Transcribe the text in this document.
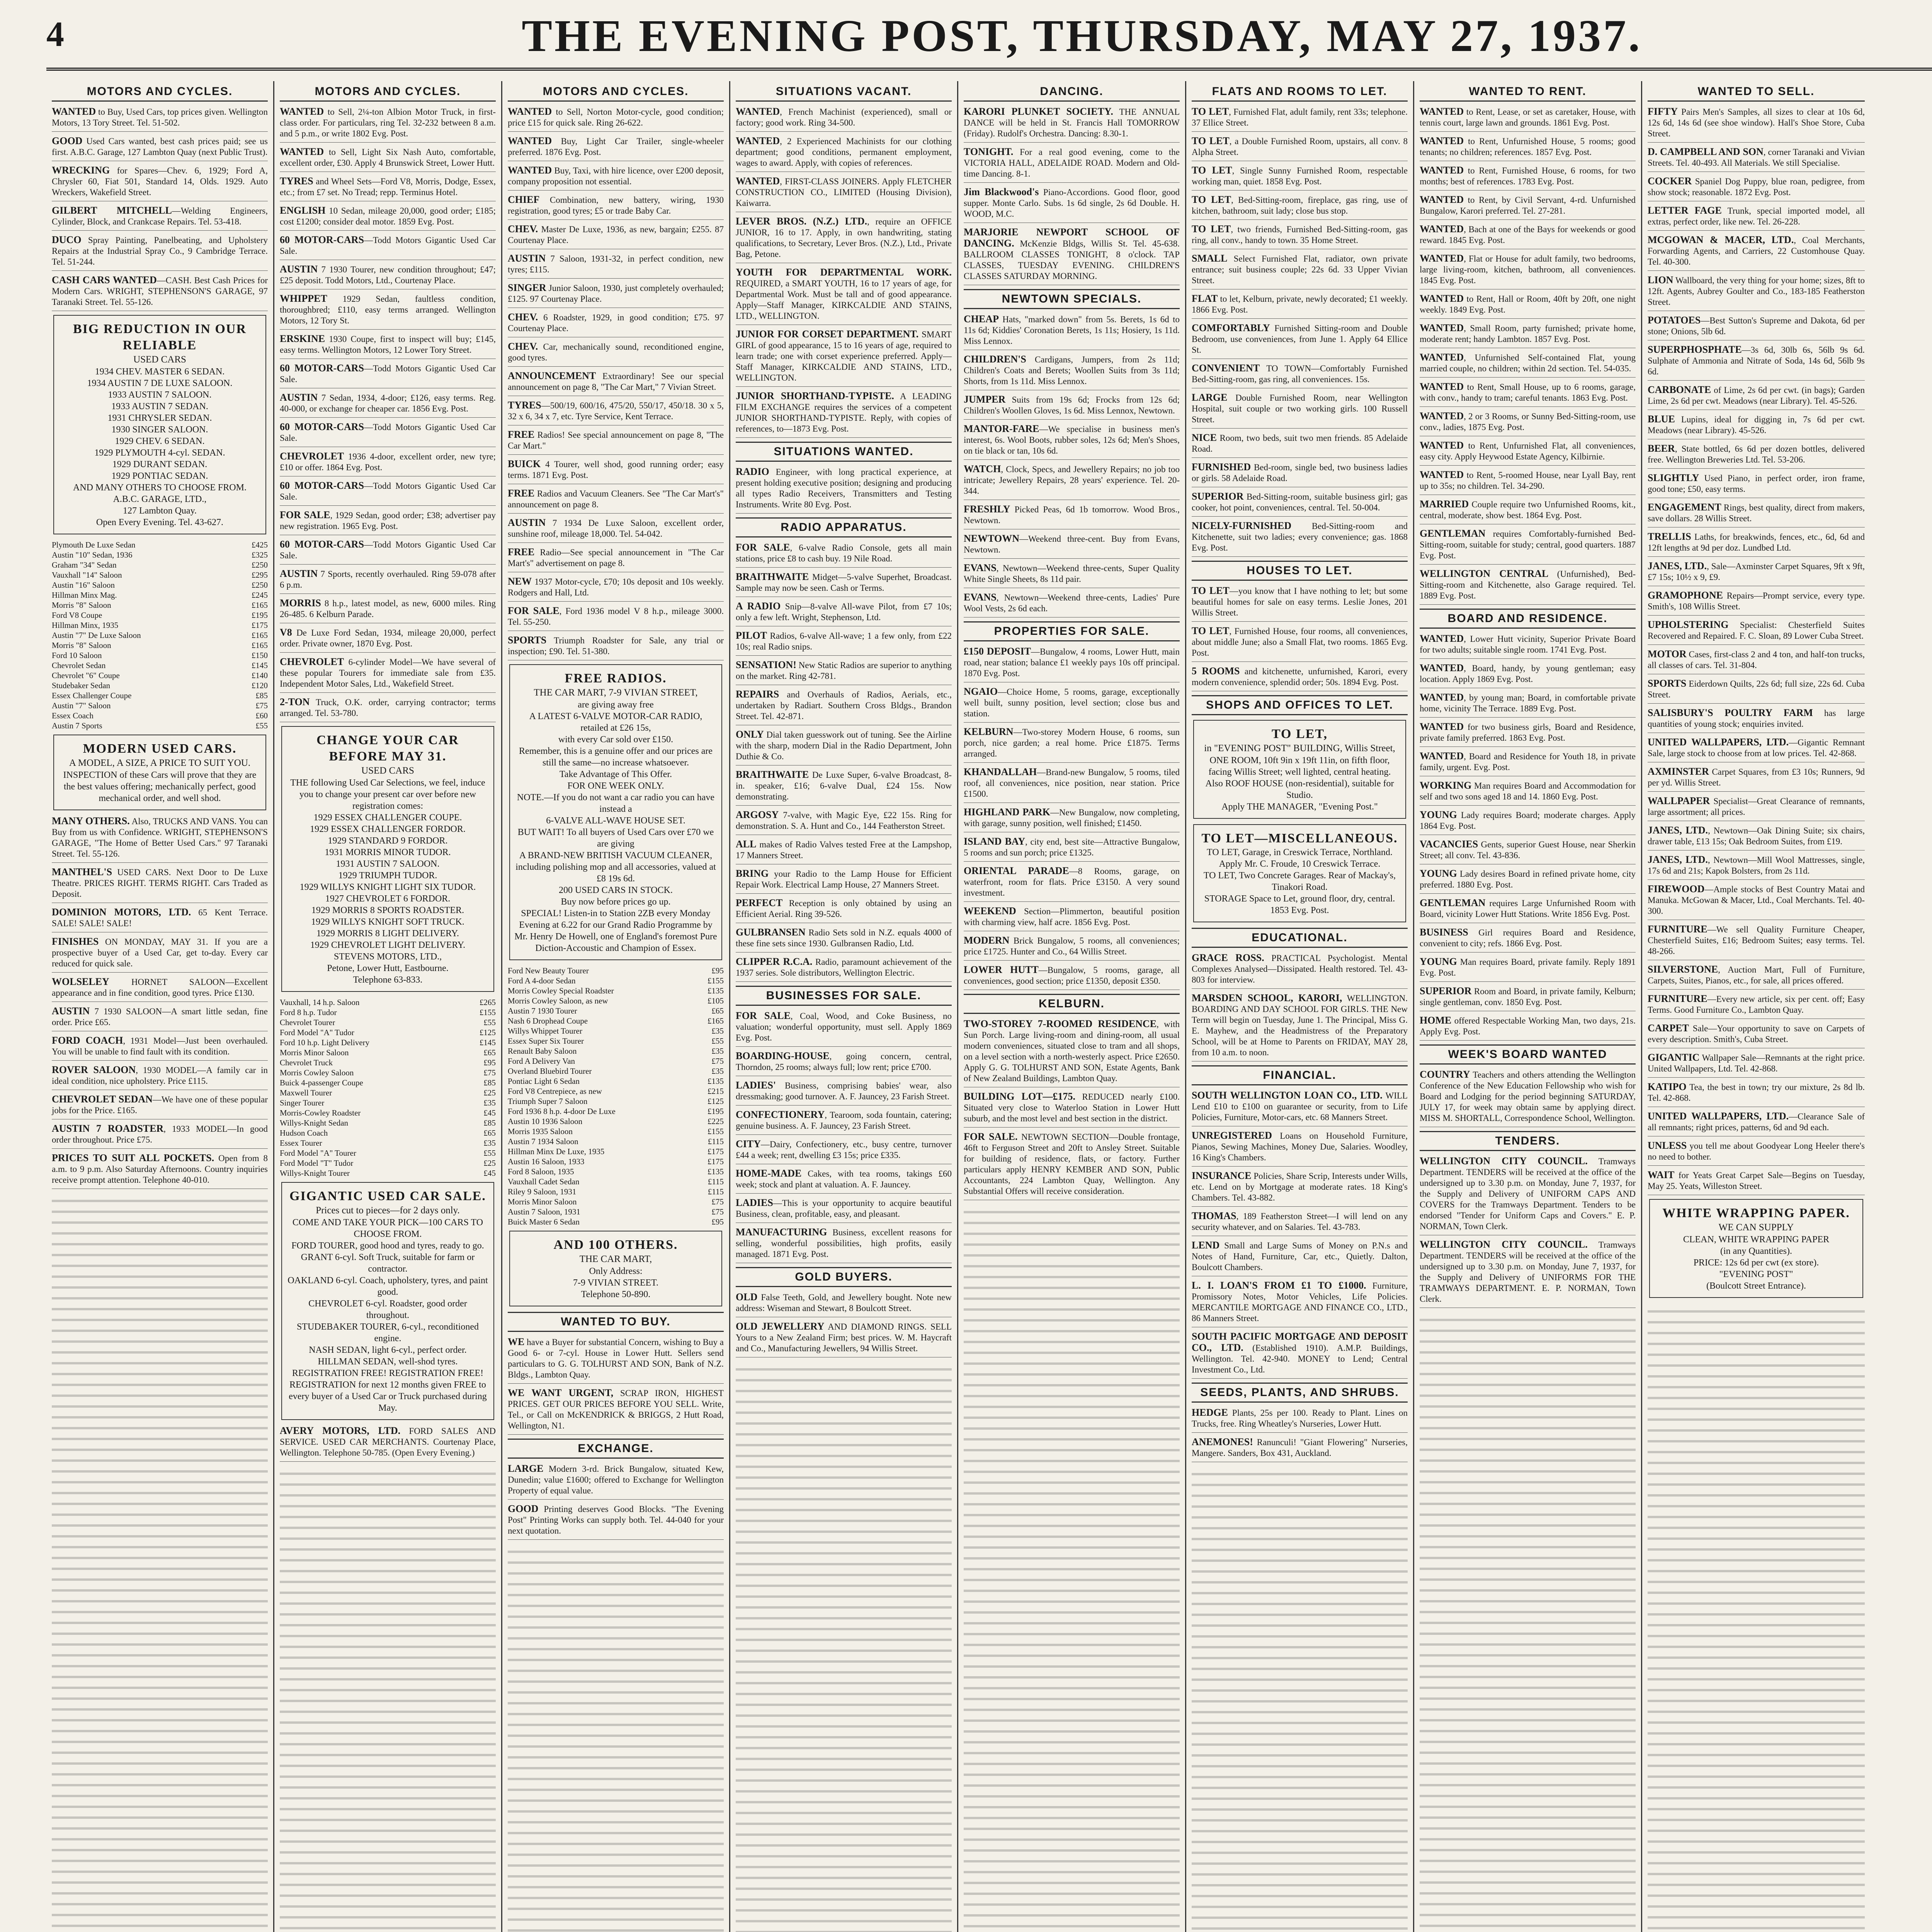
4	THE EVENING POST, THURSDAY, MAY 27, 1937.
MOTORS AND CYCLES.
WANTED to Buy, Used Cars, top prices given. Wellington Motors, 13 Tory Street. Tel. 51-502.
GOOD Used Cars wanted, best cash prices paid; see us first. A.B.C. Garage, 127 Lambton Quay (next Public Trust).
WRECKING for Spares—Chev. 6, 1929; Ford A, Chrysler 60, Fiat 501, Standard 14, Olds. 1929. Auto Wreckers, Wakefield Street.
GILBERT MITCHELL—Welding Engineers, Cylinder, Block, and Crankcase Repairs. Tel. 53-418.
DUCO Spray Painting, Panelbeating, and Upholstery Repairs at the Industrial Spray Co., 9 Cambridge Terrace. Tel. 51-244.
CASH CARS WANTED—CASH. Best Cash Prices for Modern Cars. WRIGHT, STEPHENSON'S GARAGE, 97 Taranaki Street. Tel. 55-126.
BIG REDUCTION IN OUR RELIABLE
USED CARS
1934 CHEV. MASTER 6 SEDAN.
1934 AUSTIN 7 DE LUXE SALOON.
1933 AUSTIN 7 SALOON.
1933 AUSTIN 7 SEDAN.
1931 CHRYSLER SEDAN.
1930 SINGER SALOON.
1929 CHEV. 6 SEDAN.
1929 PLYMOUTH 4-cyl. SEDAN.
1929 DURANT SEDAN.
1929 PONTIAC SEDAN.
AND MANY OTHERS TO CHOOSE FROM.
A.B.C. GARAGE, LTD.,
127 Lambton Quay.
Open Every Evening. Tel. 43-627.
Plymouth De Luxe Sedan	£425
Austin "10" Sedan, 1936	£325
Graham "34" Sedan	£250
Vauxhall "14" Saloon	£295
Austin "16" Saloon	£250
Hillman Minx Mag.	£245
Morris "8" Saloon	£165
Ford V8 Coupe	£195
Hillman Minx, 1935	£175
Austin "7" De Luxe Saloon	£165
Morris "8" Saloon	£165
Ford 10 Saloon	£150
Chevrolet Sedan	£145
Chevrolet "6" Coupe	£140
Studebaker Sedan	£120
Essex Challenger Coupe	£85
Austin "7" Saloon	£75
Essex Coach	£60
Austin 7 Sports	£55
MODERN USED CARS.
A MODEL, A SIZE, A PRICE TO SUIT YOU.
INSPECTION of these Cars will prove that they are the best values offering; mechanically perfect, good mechanical order, and well shod.
MANY OTHERS. Also, TRUCKS AND VANS. You can Buy from us with Confidence. WRIGHT, STEPHENSON'S GARAGE, "The Home of Better Used Cars." 97 Taranaki Street. Tel. 55-126.
MANTHEL'S USED CARS. Next Door to De Luxe Theatre. PRICES RIGHT. TERMS RIGHT. Cars Traded as Deposit.
DOMINION MOTORS, LTD. 65 Kent Terrace. SALE! SALE! SALE!
FINISHES ON MONDAY, MAY 31. If you are a prospective buyer of a Used Car, get to-day. Every car reduced for quick sale.
WOLSELEY HORNET SALOON—Excellent appearance and in fine condition, good tyres. Price £130.
AUSTIN 7 1930 SALOON—A smart little sedan, fine order. Price £65.
FORD COACH, 1931 Model—Just been overhauled. You will be unable to find fault with its condition.
ROVER SALOON, 1930 MODEL—A family car in ideal condition, nice upholstery. Price £115.
CHEVROLET SEDAN—We have one of these popular jobs for the Price. £165.
AUSTIN 7 ROADSTER, 1933 MODEL—In good order throughout. Price £75.
PRICES TO SUIT ALL POCKETS. Open from 8 a.m. to 9 p.m. Also Saturday Afternoons. Country inquiries receive prompt attention. Telephone 40-010.
MOTORS AND CYCLES.
WANTED to Sell, 2¼-ton Albion Motor Truck, in first-class order. For particulars, ring Tel. 32-232 between 8 a.m. and 5 p.m., or write 1802 Evg. Post.
WANTED to Sell, Light Six Nash Auto, comfortable, excellent order, £30. Apply 4 Brunswick Street, Lower Hutt.
TYRES and Wheel Sets—Ford V8, Morris, Dodge, Essex, etc.; from £7 set. No Tread; repp. Terminus Hotel.
ENGLISH 10 Sedan, mileage 20,000, good order; £185; cost £1200; consider deal motor. 1859 Evg. Post.
60 MOTOR-CARS—Todd Motors Gigantic Used Car Sale.
AUSTIN 7 1930 Tourer, new condition throughout; £47; £25 deposit. Todd Motors, Ltd., Courtenay Place.
WHIPPET 1929 Sedan, faultless condition, thoroughbred; £110, easy terms arranged. Wellington Motors, 12 Tory St.
ERSKINE 1930 Coupe, first to inspect will buy; £145, easy terms. Wellington Motors, 12 Lower Tory Street.
60 MOTOR-CARS—Todd Motors Gigantic Used Car Sale.
AUSTIN 7 Sedan, 1934, 4-door; £126, easy terms. Reg. 40-000, or exchange for cheaper car. 1856 Evg. Post.
60 MOTOR-CARS—Todd Motors Gigantic Used Car Sale.
CHEVROLET 1936 4-door, excellent order, new tyre; £10 or offer. 1864 Evg. Post.
60 MOTOR-CARS—Todd Motors Gigantic Used Car Sale.
FOR SALE, 1929 Sedan, good order; £38; advertiser pay new registration. 1965 Evg. Post.
60 MOTOR-CARS—Todd Motors Gigantic Used Car Sale.
AUSTIN 7 Sports, recently overhauled. Ring 59-078 after 6 p.m.
MORRIS 8 h.p., latest model, as new, 6000 miles. Ring 26-485. 6 Kelburn Parade.
V8 De Luxe Ford Sedan, 1934, mileage 20,000, perfect order. Private owner, 1870 Evg. Post.
CHEVROLET 6-cylinder Model—We have several of these popular Tourers for immediate sale from £35. Independent Motor Sales, Ltd., Wakefield Street.
2-TON Truck, O.K. order, carrying contractor; terms arranged. Tel. 53-780.
CHANGE YOUR CAR BEFORE MAY 31.
USED CARS
THE following Used Car Selections, we feel, induce you to change your present car over before new registration comes:
1929 ESSEX CHALLENGER COUPE.
1929 ESSEX CHALLENGER FORDOR.
1929 STANDARD 9 FORDOR.
1931 MORRIS MINOR TUDOR.
1931 AUSTIN 7 SALOON.
1929 TRIUMPH TUDOR.
1929 WILLYS KNIGHT LIGHT SIX TUDOR.
1927 CHEVROLET 6 FORDOR.
1929 MORRIS 8 SPORTS ROADSTER.
1929 WILLYS KNIGHT SOFT TRUCK.
1929 MORRIS 8 LIGHT DELIVERY.
1929 CHEVROLET LIGHT DELIVERY.
STEVENS MOTORS, LTD.,
Petone, Lower Hutt, Eastbourne.
Telephone 63-833.
Vauxhall, 14 h.p. Saloon	£265
Ford 8 h.p. Tudor	£155
Chevrolet Tourer	£55
Ford Model "A" Tudor	£125
Ford 10 h.p. Light Delivery	£145
Morris Minor Saloon	£65
Chevrolet Truck	£95
Morris Cowley Saloon	£75
Buick 4-passenger Coupe	£85
Maxwell Tourer	£25
Singer Tourer	£35
Morris-Cowley Roadster	£45
Willys-Knight Sedan	£85
Hudson Coach	£65
Essex Tourer	£35
Ford Model "A" Tourer	£55
Ford Model "T" Tudor	£25
Willys-Knight Tourer	£45
GIGANTIC USED CAR SALE.
Prices cut to pieces—for 2 days only.
COME AND TAKE YOUR PICK—100 CARS TO CHOOSE FROM.
FORD TOURER, good hood and tyres, ready to go.
GRANT 6-cyl. Soft Truck, suitable for farm or contractor.
OAKLAND 6-cyl. Coach, upholstery, tyres, and paint good.
CHEVROLET 6-cyl. Roadster, good order throughout.
STUDEBAKER TOURER, 6-cyl., reconditioned engine.
NASH SEDAN, light 6-cyl., perfect order.
HILLMAN SEDAN, well-shod tyres.
REGISTRATION FREE! REGISTRATION FREE!
REGISTRATION for next 12 months given FREE to every buyer of a Used Car or Truck purchased during May.
AVERY MOTORS, LTD. FORD SALES AND SERVICE. USED CAR MERCHANTS. Courtenay Place, Wellington. Telephone 50-785. (Open Every Evening.)
MOTORS AND CYCLES.
WANTED to Sell, Norton Motor-cycle, good condition; price £15 for quick sale. Ring 26-622.
WANTED Buy, Light Car Trailer, single-wheeler preferred. 1876 Evg. Post.
WANTED Buy, Taxi, with hire licence, over £200 deposit, company proposition not essential.
CHIEF Combination, new battery, wiring, 1930 registration, good tyres; £5 or trade Baby Car.
CHEV. Master De Luxe, 1936, as new, bargain; £255. 87 Courtenay Place.
AUSTIN 7 Saloon, 1931-32, in perfect condition, new tyres; £115.
SINGER Junior Saloon, 1930, just completely overhauled; £125. 97 Courtenay Place.
CHEV. 6 Roadster, 1929, in good condition; £75. 97 Courtenay Place.
CHEV. Car, mechanically sound, reconditioned engine, good tyres.
ANNOUNCEMENT Extraordinary! See our special announcement on page 8, "The Car Mart," 7 Vivian Street.
TYRES—500/19, 600/16, 475/20, 550/17, 450/18. 30 x 5, 32 x 6, 34 x 7, etc. Tyre Service, Kent Terrace.
FREE Radios! See special announcement on page 8, "The Car Mart."
BUICK 4 Tourer, well shod, good running order; easy terms. 1871 Evg. Post.
FREE Radios and Vacuum Cleaners. See "The Car Mart's" announcement on page 8.
AUSTIN 7 1934 De Luxe Saloon, excellent order, sunshine roof, mileage 18,000. Tel. 54-042.
FREE Radio—See special announcement in "The Car Mart's" advertisement on page 8.
NEW 1937 Motor-cycle, £70; 10s deposit and 10s weekly. Rodgers and Hall, Ltd.
FOR SALE, Ford 1936 model V 8 h.p., mileage 3000. Tel. 55-250.
SPORTS Triumph Roadster for Sale, any trial or inspection; £90. Tel. 51-380.
FREE RADIOS.
THE CAR MART, 7-9 VIVIAN STREET,
are giving away free
A LATEST 6-VALVE MOTOR-CAR RADIO,
retailed at £26 15s,
with every Car sold over £150.
Remember, this is a genuine offer and our prices are still the same—no increase whatsoever.
Take Advantage of This Offer.
FOR ONE WEEK ONLY.
NOTE.—If you do not want a car radio you can have instead a
6-VALVE ALL-WAVE HOUSE SET.
BUT WAIT! To all buyers of Used Cars over £70 we are giving
A BRAND-NEW BRITISH VACUUM CLEANER,
including polishing mop and all accessories, valued at £8 19s 6d.
200 USED CARS IN STOCK.
Buy now before prices go up.
SPECIAL! Listen-in to Station 2ZB every Monday Evening at 6.22 for our Grand Radio Programme by Mr. Henry De Howell, one of England's foremost Pure Diction-Accoustic and Champion of Essex.
Ford New Beauty Tourer	£95
Ford A 4-door Sedan	£155
Morris Cowley Special Roadster	£135
Morris Cowley Saloon, as new	£105
Austin 7 1930 Tourer	£65
Nash 6 Drophead Coupe	£165
Willys Whippet Tourer	£35
Essex Super Six Tourer	£55
Renault Baby Saloon	£35
Ford A Delivery Van	£75
Overland Bluebird Tourer	£35
Pontiac Light 6 Sedan	£135
Ford V8 Centrepiece, as new	£215
Triumph Super 7 Saloon	£125
Ford 1936 8 h.p. 4-door De Luxe	£195
Austin 10 1936 Saloon	£225
Morris 1935 Saloon	£155
Austin 7 1934 Saloon	£115
Hillman Minx De Luxe, 1935	£175
Austin 16 Saloon, 1933	£175
Ford 8 Saloon, 1935	£135
Vauxhall Cadet Sedan	£115
Riley 9 Saloon, 1931	£115
Morris Minor Saloon	£75
Austin 7 Saloon, 1931	£75
Buick Master 6 Sedan	£95
AND 100 OTHERS.
THE CAR MART,
Only Address:
7-9 VIVIAN STREET.
Telephone 50-890.
WANTED TO BUY.
WE have a Buyer for substantial Concern, wishing to Buy a Good 6- or 7-cyl. House in Lower Hutt. Sellers send particulars to G. G. TOLHURST AND SON, Bank of N.Z. Bldgs., Lambton Quay.
WE WANT URGENT, SCRAP IRON, HIGHEST PRICES. GET OUR PRICES BEFORE YOU SELL. Write, Tel., or Call on McKENDRICK & BRIGGS, 2 Hutt Road, Wellington, N1.
EXCHANGE.
LARGE Modern 3-rd. Brick Bungalow, situated Kew, Dunedin; value £1600; offered to Exchange for Wellington Property of equal value.
GOOD Printing deserves Good Blocks. "The Evening Post" Printing Works can supply both. Tel. 44-040 for your next quotation.
SITUATIONS VACANT.
WANTED, French Machinist (experienced), small or factory; good work. Ring 34-500.
WANTED, 2 Experienced Machinists for our clothing department; good conditions, permanent employment, wages to award. Apply, with copies of references.
WANTED, FIRST-CLASS JOINERS. Apply FLETCHER CONSTRUCTION CO., LIMITED (Housing Division), Kaiwarra.
LEVER BROS. (N.Z.) LTD., require an OFFICE JUNIOR, 16 to 17. Apply, in own handwriting, stating qualifications, to Secretary, Lever Bros. (N.Z.), Ltd., Private Bag, Petone.
YOUTH FOR DEPARTMENTAL WORK. REQUIRED, a SMART YOUTH, 16 to 17 years of age, for Departmental Work. Must be tall and of good appearance. Apply—Staff Manager, KIRKCALDIE AND STAINS, LTD., WELLINGTON.
JUNIOR FOR CORSET DEPARTMENT. SMART GIRL of good appearance, 15 to 16 years of age, required to learn trade; one with corset experience preferred. Apply—Staff Manager, KIRKCALDIE AND STAINS, LTD., WELLINGTON.
JUNIOR SHORTHAND-TYPISTE. A LEADING FILM EXCHANGE requires the services of a competent JUNIOR SHORTHAND-TYPISTE. Reply, with copies of references, to—1873 Evg. Post.
SITUATIONS WANTED.
RADIO Engineer, with long practical experience, at present holding executive position; designing and producing all types Radio Receivers, Transmitters and Testing Instruments. Write 80 Evg. Post.
RADIO APPARATUS.
FOR SALE, 6-valve Radio Console, gets all main stations, price £8 to cash buy. 19 Nile Road.
BRAITHWAITE Midget—5-valve Superhet, Broadcast. Sample may now be seen. Cash or Terms.
A RADIO Snip—8-valve All-wave Pilot, from £7 10s; only a few left. Wright, Stephenson, Ltd.
PILOT Radios, 6-valve All-wave; 1 a few only, from £22 10s; real Radio snips.
SENSATION! New Static Radios are superior to anything on the market. Ring 42-781.
REPAIRS and Overhauls of Radios, Aerials, etc., undertaken by Radiart. Southern Cross Bldgs., Brandon Street. Tel. 42-871.
ONLY Dial taken guesswork out of tuning. See the Airline with the sharp, modern Dial in the Radio Department, John Duthie & Co.
BRAITHWAITE De Luxe Super, 6-valve Broadcast, 8-in. speaker, £16; 6-valve Dual, £24 15s. Now demonstrating.
ARGOSY 7-valve, with Magic Eye, £22 15s. Ring for demonstration. S. A. Hunt and Co., 144 Featherston Street.
ALL makes of Radio Valves tested Free at the Lampshop, 17 Manners Street.
BRING your Radio to the Lamp House for Efficient Repair Work. Electrical Lamp House, 27 Manners Street.
PERFECT Reception is only obtained by using an Efficient Aerial. Ring 39-526.
GULBRANSEN Radio Sets sold in N.Z. equals 4000 of these fine sets since 1930. Gulbransen Radio, Ltd.
CLIPPER R.C.A. Radio, paramount achievement of the 1937 series. Sole distributors, Wellington Electric.
BUSINESSES FOR SALE.
FOR SALE, Coal, Wood, and Coke Business, no valuation; wonderful opportunity, must sell. Apply 1869 Evg. Post.
BOARDING-HOUSE, going concern, central, Thorndon, 25 rooms; always full; low rent; price £700.
LADIES' Business, comprising babies' wear, also dressmaking; good turnover. A. F. Jauncey, 23 Farish Street.
CONFECTIONERY, Tearoom, soda fountain, catering; genuine business. A. F. Jauncey, 23 Farish Street.
CITY—Dairy, Confectionery, etc., busy centre, turnover £44 a week; rent, dwelling £3 15s; price £335.
HOME-MADE Cakes, with tea rooms, takings £60 week; stock and plant at valuation. A. F. Jauncey.
LADIES—This is your opportunity to acquire beautiful Business, clean, profitable, easy, and pleasant.
MANUFACTURING Business, excellent reasons for selling, wonderful possibilities, high profits, easily managed. 1871 Evg. Post.
GOLD BUYERS.
OLD False Teeth, Gold, and Jewellery bought. Note new address: Wiseman and Stewart, 8 Boulcott Street.
OLD JEWELLERY AND DIAMOND RINGS. SELL Yours to a New Zealand Firm; best prices. W. M. Haycraft and Co., Manufacturing Jewellers, 94 Willis Street.
DANCING.
KARORI PLUNKET SOCIETY. THE ANNUAL DANCE will be held in St. Francis Hall TOMORROW (Friday). Rudolf's Orchestra. Dancing: 8.30-1.
TONIGHT. For a real good evening, come to the VICTORIA HALL, ADELAIDE ROAD. Modern and Old-time Dancing. 8-1.
Jim Blackwood's Piano-Accordions. Good floor, good supper. Monte Carlo. Subs. 1s 6d single, 2s 6d Double. H. WOOD, M.C.
MARJORIE NEWPORT SCHOOL OF DANCING. McKenzie Bldgs, Willis St. Tel. 45-638. BALLROOM CLASSES TONIGHT, 8 o'clock. TAP CLASSES, TUESDAY EVENING. CHILDREN'S CLASSES SATURDAY MORNING.
NEWTOWN SPECIALS.
CHEAP Hats, "marked down" from 5s. Berets, 1s 6d to 11s 6d; Kiddies' Coronation Berets, 1s 11s; Hosiery, 1s 11d. Miss Lennox.
CHILDREN'S Cardigans, Jumpers, from 2s 11d; Children's Coats and Berets; Woollen Suits from 3s 11d; Shorts, from 1s 11d. Miss Lennox.
JUMPER Suits from 19s 6d; Frocks from 12s 6d; Children's Woollen Gloves, 1s 6d. Miss Lennox, Newtown.
MANTOR-FARE—We specialise in business men's interest, 6s. Wool Boots, rubber soles, 12s 6d; Men's Shoes, on tie black or tan, 10s 6d.
WATCH, Clock, Specs, and Jewellery Repairs; no job too intricate; Jewellery Repairs, 28 years' experience. Tel. 20-344.
FRESHLY Picked Peas, 6d 1b tomorrow. Wood Bros., Newtown.
NEWTOWN—Weekend three-cent. Buy from Evans, Newtown.
EVANS, Newtown—Weekend three-cents, Super Quality White Single Sheets, 8s 11d pair.
EVANS, Newtown—Weekend three-cents, Ladies' Pure Wool Vests, 2s 6d each.
PROPERTIES FOR SALE.
£150 DEPOSIT—Bungalow, 4 rooms, Lower Hutt, main road, near station; balance £1 weekly pays 10s off principal. 1870 Evg. Post.
NGAIO—Choice Home, 5 rooms, garage, exceptionally well built, sunny position, level section; close bus and station.
KELBURN—Two-storey Modern House, 6 rooms, sun porch, nice garden; a real home. Price £1875. Terms arranged.
KHANDALLAH—Brand-new Bungalow, 5 rooms, tiled roof, all conveniences, nice position, near station. Price £1500.
HIGHLAND PARK—New Bungalow, now completing, with garage, sunny position, well finished; £1450.
ISLAND BAY, city end, best site—Attractive Bungalow, 5 rooms and sun porch; price £1325.
ORIENTAL PARADE—8 Rooms, garage, on waterfront, room for flats. Price £3150. A very sound investment.
WEEKEND Section—Plimmerton, beautiful position with charming view, half acre. 1856 Evg. Post.
MODERN Brick Bungalow, 5 rooms, all conveniences; price £1725. Hunter and Co., 64 Willis Street.
LOWER HUTT—Bungalow, 5 rooms, garage, all conveniences, good section; price £1350, deposit £350.
KELBURN.
TWO-STOREY 7-ROOMED RESIDENCE, with Sun Porch. Large living-room and dining-room, all usual modern conveniences, situated close to tram and all shops, on a level section with a north-westerly aspect. Price £2650. Apply G. G. TOLHURST AND SON, Estate Agents, Bank of New Zealand Buildings, Lambton Quay.
BUILDING LOT—£175. REDUCED nearly £100. Situated very close to Waterloo Station in Lower Hutt suburb, and the most level and best section in the district.
FOR SALE. NEWTOWN SECTION—Double frontage, 46ft to Ferguson Street and 20ft to Ansley Street. Suitable for building of residence, flats, or factory. Further particulars apply HENRY KEMBER AND SON, Public Accountants, 224 Lambton Quay, Wellington. Any Substantial Offers will receive consideration.
FLATS AND ROOMS TO LET.
TO LET, Furnished Flat, adult family, rent 33s; telephone. 37 Ellice Street.
TO LET, a Double Furnished Room, upstairs, all conv. 8 Alpha Street.
TO LET, Single Sunny Furnished Room, respectable working man, quiet. 1858 Evg. Post.
TO LET, Bed-Sitting-room, fireplace, gas ring, use of kitchen, bathroom, suit lady; close bus stop.
TO LET, two friends, Furnished Bed-Sitting-room, gas ring, all conv., handy to town. 35 Home Street.
SMALL Select Furnished Flat, radiator, own private entrance; suit business couple; 22s 6d. 33 Upper Vivian Street.
FLAT to let, Kelburn, private, newly decorated; £1 weekly. 1866 Evg. Post.
COMFORTABLY Furnished Sitting-room and Double Bedroom, use conveniences, from June 1. Apply 64 Ellice St.
CONVENIENT TO TOWN—Comfortably Furnished Bed-Sitting-room, gas ring, all conveniences. 15s.
LARGE Double Furnished Room, near Wellington Hospital, suit couple or two working girls. 100 Russell Street.
NICE Room, two beds, suit two men friends. 85 Adelaide Road.
FURNISHED Bed-room, single bed, two business ladies or girls. 58 Adelaide Road.
SUPERIOR Bed-Sitting-room, suitable business girl; gas cooker, hot point, conveniences, central. Tel. 50-004.
NICELY-FURNISHED Bed-Sitting-room and Kitchenette, suit two ladies; every convenience; gas. 1868 Evg. Post.
HOUSES TO LET.
TO LET—you know that I have nothing to let; but some beautiful homes for sale on easy terms. Leslie Jones, 201 Willis Street.
TO LET, Furnished House, four rooms, all conveniences, about middle June; also a Small Flat, two rooms. 1865 Evg. Post.
5 ROOMS and kitchenette, unfurnished, Karori, every modern convenience, splendid order; 50s. 1894 Evg. Post.
SHOPS AND OFFICES TO LET.
TO LET,
in "EVENING POST" BUILDING, Willis Street,
ONE ROOM, 10ft 9in x 19ft 11in, on fifth floor, facing Willis Street; well lighted, central heating.
Also ROOF HOUSE (non-residential), suitable for Studio.
Apply THE MANAGER, "Evening Post."
TO LET—MISCELLANEOUS.
TO LET, Garage, in Creswick Terrace, Northland. Apply Mr. C. Froude, 10 Creswick Terrace.
TO LET, Two Concrete Garages. Rear of Mackay's, Tinakori Road.
STORAGE Space to Let, ground floor, dry, central. 1853 Evg. Post.
EDUCATIONAL.
GRACE ROSS. PRACTICAL Psychologist. Mental Complexes Analysed—Dissipated. Health restored. Tel. 43-803 for interview.
MARSDEN SCHOOL, KARORI, WELLINGTON. BOARDING AND DAY SCHOOL FOR GIRLS. THE New Term will begin on Tuesday, June 1. The Principal, Miss G. E. Mayhew, and the Headmistress of the Preparatory School, will be at Home to Parents on FRIDAY, MAY 28, from 10 a.m. to noon.
FINANCIAL.
SOUTH WELLINGTON LOAN CO., LTD. WILL Lend £10 to £100 on guarantee or security, from to Life Policies, Furniture, Motor-cars, etc. 68 Manners Street.
UNREGISTERED Loans on Household Furniture, Pianos, Sewing Machines, Money Due, Salaries. Woodley, 16 King's Chambers.
INSURANCE Policies, Share Scrip, Interests under Wills, etc. Lend on by Mortgage at moderate rates. 18 King's Chambers. Tel. 43-882.
THOMAS, 189 Featherston Street—I will lend on any security whatever, and on Salaries. Tel. 43-783.
LEND Small and Large Sums of Money on P.N.s and Notes of Hand, Furniture, Car, etc., Quietly. Dalton, Boulcott Chambers.
L. I. LOAN'S FROM £1 TO £1000. Furniture, Promissory Notes, Motor Vehicles, Life Policies. MERCANTILE MORTGAGE AND FINANCE CO., LTD., 86 Manners Street.
SOUTH PACIFIC MORTGAGE AND DEPOSIT CO., LTD. (Established 1910). A.M.P. Buildings, Wellington. Tel. 42-940. MONEY to Lend; Central Investment Co., Ltd.
SEEDS, PLANTS, AND SHRUBS.
HEDGE Plants, 25s per 100. Ready to Plant. Lines on Trucks, free. Ring Wheatley's Nurseries, Lower Hutt.
ANEMONES! Ranunculi! "Giant Flowering" Nurseries, Mangere. Sanders, Box 431, Auckland.
WANTED TO RENT.
WANTED to Rent, Lease, or set as caretaker, House, with tennis court, large lawn and grounds. 1861 Evg. Post.
WANTED to Rent, Unfurnished House, 5 rooms; good tenants; no children; references. 1857 Evg. Post.
WANTED to Rent, Furnished House, 6 rooms, for two months; best of references. 1783 Evg. Post.
WANTED to Rent, by Civil Servant, 4-rd. Unfurnished Bungalow, Karori preferred. Tel. 27-281.
WANTED, Bach at one of the Bays for weekends or good reward. 1845 Evg. Post.
WANTED, Flat or House for adult family, two bedrooms, large living-room, kitchen, bathroom, all conveniences. 1845 Evg. Post.
WANTED to Rent, Hall or Room, 40ft by 20ft, one night weekly. 1849 Evg. Post.
WANTED, Small Room, party furnished; private home, moderate rent; handy Lambton. 1857 Evg. Post.
WANTED, Unfurnished Self-contained Flat, young married couple, no children; within 2d section. Tel. 54-035.
WANTED to Rent, Small House, up to 6 rooms, garage, with conv., handy to tram; careful tenants. 1863 Evg. Post.
WANTED, 2 or 3 Rooms, or Sunny Bed-Sitting-room, use conv., ladies, 1875 Evg. Post.
WANTED to Rent, Unfurnished Flat, all conveniences, easy city. Apply Heywood Estate Agency, Kilbirnie.
WANTED to Rent, 5-roomed House, near Lyall Bay, rent up to 35s; no children. Tel. 34-290.
MARRIED Couple require two Unfurnished Rooms, kit., central, moderate, show best. 1864 Evg. Post.
GENTLEMAN requires Comfortably-furnished Bed-Sitting-room, suitable for study; central, good quarters. 1887 Evg. Post.
WELLINGTON CENTRAL (Unfurnished), Bed-Sitting-room and Kitchenette, also Garage required. Tel. 1889 Evg. Post.
BOARD AND RESIDENCE.
WANTED, Lower Hutt vicinity, Superior Private Board for two adults; suitable single room. 1741 Evg. Post.
WANTED, Board, handy, by young gentleman; easy location. Apply 1869 Evg. Post.
WANTED, by young man; Board, in comfortable private home, vicinity The Terrace. 1889 Evg. Post.
WANTED for two business girls, Board and Residence, private family preferred. 1863 Evg. Post.
WANTED, Board and Residence for Youth 18, in private family, urgent. Evg. Post.
WORKING Man requires Board and Accommodation for self and two sons aged 18 and 14. 1860 Evg. Post.
YOUNG Lady requires Board; moderate charges. Apply 1864 Evg. Post.
VACANCIES Gents, superior Guest House, near Sherkin Street; all conv. Tel. 43-836.
YOUNG Lady desires Board in refined private home, city preferred. 1880 Evg. Post.
GENTLEMAN requires Large Unfurnished Room with Board, vicinity Lower Hutt Stations. Write 1856 Evg. Post.
BUSINESS Girl requires Board and Residence, convenient to city; refs. 1866 Evg. Post.
YOUNG Man requires Board, private family. Reply 1891 Evg. Post.
SUPERIOR Room and Board, in private family, Kelburn; single gentleman, conv. 1850 Evg. Post.
HOME offered Respectable Working Man, two days, 21s. Apply Evg. Post.
WEEK'S BOARD WANTED
COUNTRY Teachers and others attending the Wellington Conference of the New Education Fellowship who wish for Board and Lodging for the period beginning SATURDAY, JULY 17, for week may obtain same by applying direct. MISS M. SHORTALL, Correspondence School, Wellington.
TENDERS.
WELLINGTON CITY COUNCIL. Tramways Department. TENDERS will be received at the office of the undersigned up to 3.30 p.m. on Monday, June 7, 1937, for the Supply and Delivery of UNIFORM CAPS AND COVERS for the Tramways Department. Tenders to be endorsed "Tender for Uniform Caps and Covers." E. P. NORMAN, Town Clerk.
WELLINGTON CITY COUNCIL. Tramways Department. TENDERS will be received at the office of the undersigned up to 3.30 p.m. on Monday, June 7, 1937, for the Supply and Delivery of UNIFORMS FOR THE TRAMWAYS DEPARTMENT. E. P. NORMAN, Town Clerk.
WANTED TO SELL.
FIFTY Pairs Men's Samples, all sizes to clear at 10s 6d, 12s 6d, 14s 6d (see shoe window). Hall's Shoe Store, Cuba Street.
D. CAMPBELL AND SON, corner Taranaki and Vivian Streets. Tel. 40-493. All Materials. We still Specialise.
COCKER Spaniel Dog Puppy, blue roan, pedigree, from show stock; reasonable. 1872 Evg. Post.
LETTER FAGE Trunk, special imported model, all extras, perfect order, like new. Tel. 26-228.
MCGOWAN & MACER, LTD., Coal Merchants, Forwarding Agents, and Carriers, 22 Customhouse Quay. Tel. 40-300.
LION Wallboard, the very thing for your home; sizes, 8ft to 12ft. Agents, Aubrey Goulter and Co., 183-185 Featherston Street.
POTATOES—Best Sutton's Supreme and Dakota, 6d per stone; Onions, 5lb 6d.
SUPERPHOSPHATE—3s 6d, 30lb 6s, 56lb 9s 6d. Sulphate of Ammonia and Nitrate of Soda, 14s 6d, 56lb 9s 6d.
CARBONATE of Lime, 2s 6d per cwt. (in bags); Garden Lime, 2s 6d per cwt. Meadows (near Library). Tel. 45-526.
BLUE Lupins, ideal for digging in, 7s 6d per cwt. Meadows (near Library). 45-526.
BEER, State bottled, 6s 6d per dozen bottles, delivered free. Wellington Breweries Ltd. Tel. 53-206.
SLIGHTLY Used Piano, in perfect order, iron frame, good tone; £50, easy terms.
ENGAGEMENT Rings, best quality, direct from makers, save dollars. 28 Willis Street.
TRELLIS Laths, for breakwinds, fences, etc., 6d, 6d and 12ft lengths at 9d per doz. Lundbed Ltd.
JANES, LTD., Sale—Axminster Carpet Squares, 9ft x 9ft, £7 15s; 10½ x 9, £9.
GRAMOPHONE Repairs—Prompt service, every type. Smith's, 108 Willis Street.
UPHOLSTERING Specialist: Chesterfield Suites Recovered and Repaired. F. C. Sloan, 89 Lower Cuba Street.
MOTOR Cases, first-class 2 and 4 ton, and half-ton trucks, all classes of cars. Tel. 31-804.
SPORTS Eiderdown Quilts, 22s 6d; full size, 22s 6d. Cuba Street.
SALISBURY'S POULTRY FARM has large quantities of young stock; enquiries invited.
UNITED WALLPAPERS, LTD.—Gigantic Remnant Sale, large stock to choose from at low prices. Tel. 42-868.
AXMINSTER Carpet Squares, from £3 10s; Runners, 9d per yd. Willis Street.
WALLPAPER Specialist—Great Clearance of remnants, large assortment; all prices.
JANES, LTD., Newtown—Oak Dining Suite; six chairs, drawer table, £13 15s; Oak Bedroom Suites, from £19.
JANES, LTD., Newtown—Mill Wool Mattresses, single, 17s 6d and 21s; Kapok Bolsters, from 2s 11d.
FIREWOOD—Ample stocks of Best Country Matai and Manuka. McGowan & Macer, Ltd., Coal Merchants. Tel. 40-300.
FURNITURE—We sell Quality Furniture Cheaper, Chesterfield Suites, £16; Bedroom Suites; easy terms. Tel. 48-266.
SILVERSTONE, Auction Mart, Full of Furniture, Carpets, Suites, Pianos, etc., for sale, all prices offered.
FURNITURE—Every new article, six per cent. off; Easy Terms. Good Furniture Co., Lambton Quay.
CARPET Sale—Your opportunity to save on Carpets of every description. Smith's, Cuba Street.
GIGANTIC Wallpaper Sale—Remnants at the right price. United Wallpapers, Ltd. Tel. 42-868.
KATIPO Tea, the best in town; try our mixture, 2s 8d lb. Tel. 42-868.
UNITED WALLPAPERS, LTD.—Clearance Sale of all remnants; right prices, patterns, 6d and 9d each.
UNLESS you tell me about Goodyear Long Heeler there's no need to bother.
WAIT for Yeats Great Carpet Sale—Begins on Tuesday, May 25. Yeats, Willeston Street.
WHITE WRAPPING PAPER.
WE CAN SUPPLY
CLEAN, WHITE WRAPPING PAPER
(in any Quantities).
PRICE: 12s 6d per cwt (ex store).
"EVENING POST"
(Boulcott Street Entrance).
